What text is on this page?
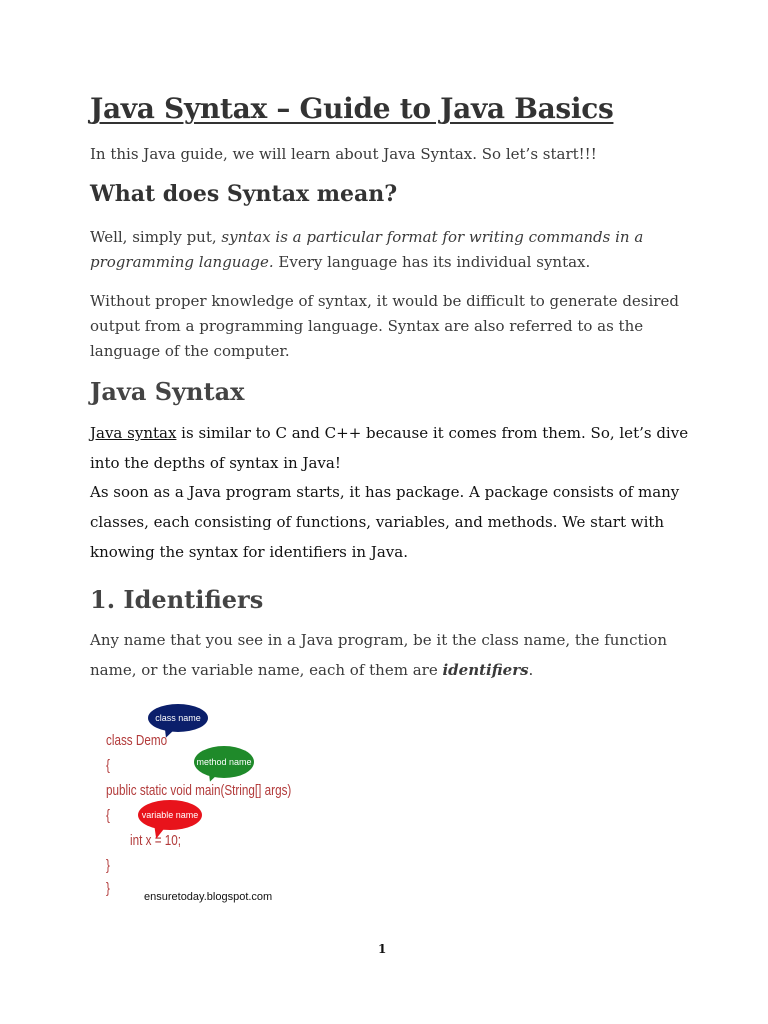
Java Syntax – Guide to Java Basics
In this Java guide, we will learn about Java Syntax. So let’s start!!!
What does Syntax mean?
Well, simply put, syntax is a particular format for writing commands in a programming language. Every language has its individual syntax.
Without proper knowledge of syntax, it would be difficult to generate desired output from a programming language. Syntax are also referred to as the language of the computer.
Java Syntax
Java syntax is similar to C and C++ because it comes from them. So, let’s dive into the depths of syntax in Java!
As soon as a Java program starts, it has package. A package consists of many classes, each consisting of functions, variables, and methods. We start with knowing the syntax for identifiers in Java.
1. Identifiers
Any name that you see in a Java program, be it the class name, the function name, or the variable name, each of them are identifiers.
class Demo
{
public static void main(String[] args)
{
int x = 10;
}
}
class name
method name
variable name
ensuretoday.blogspot.com
1
